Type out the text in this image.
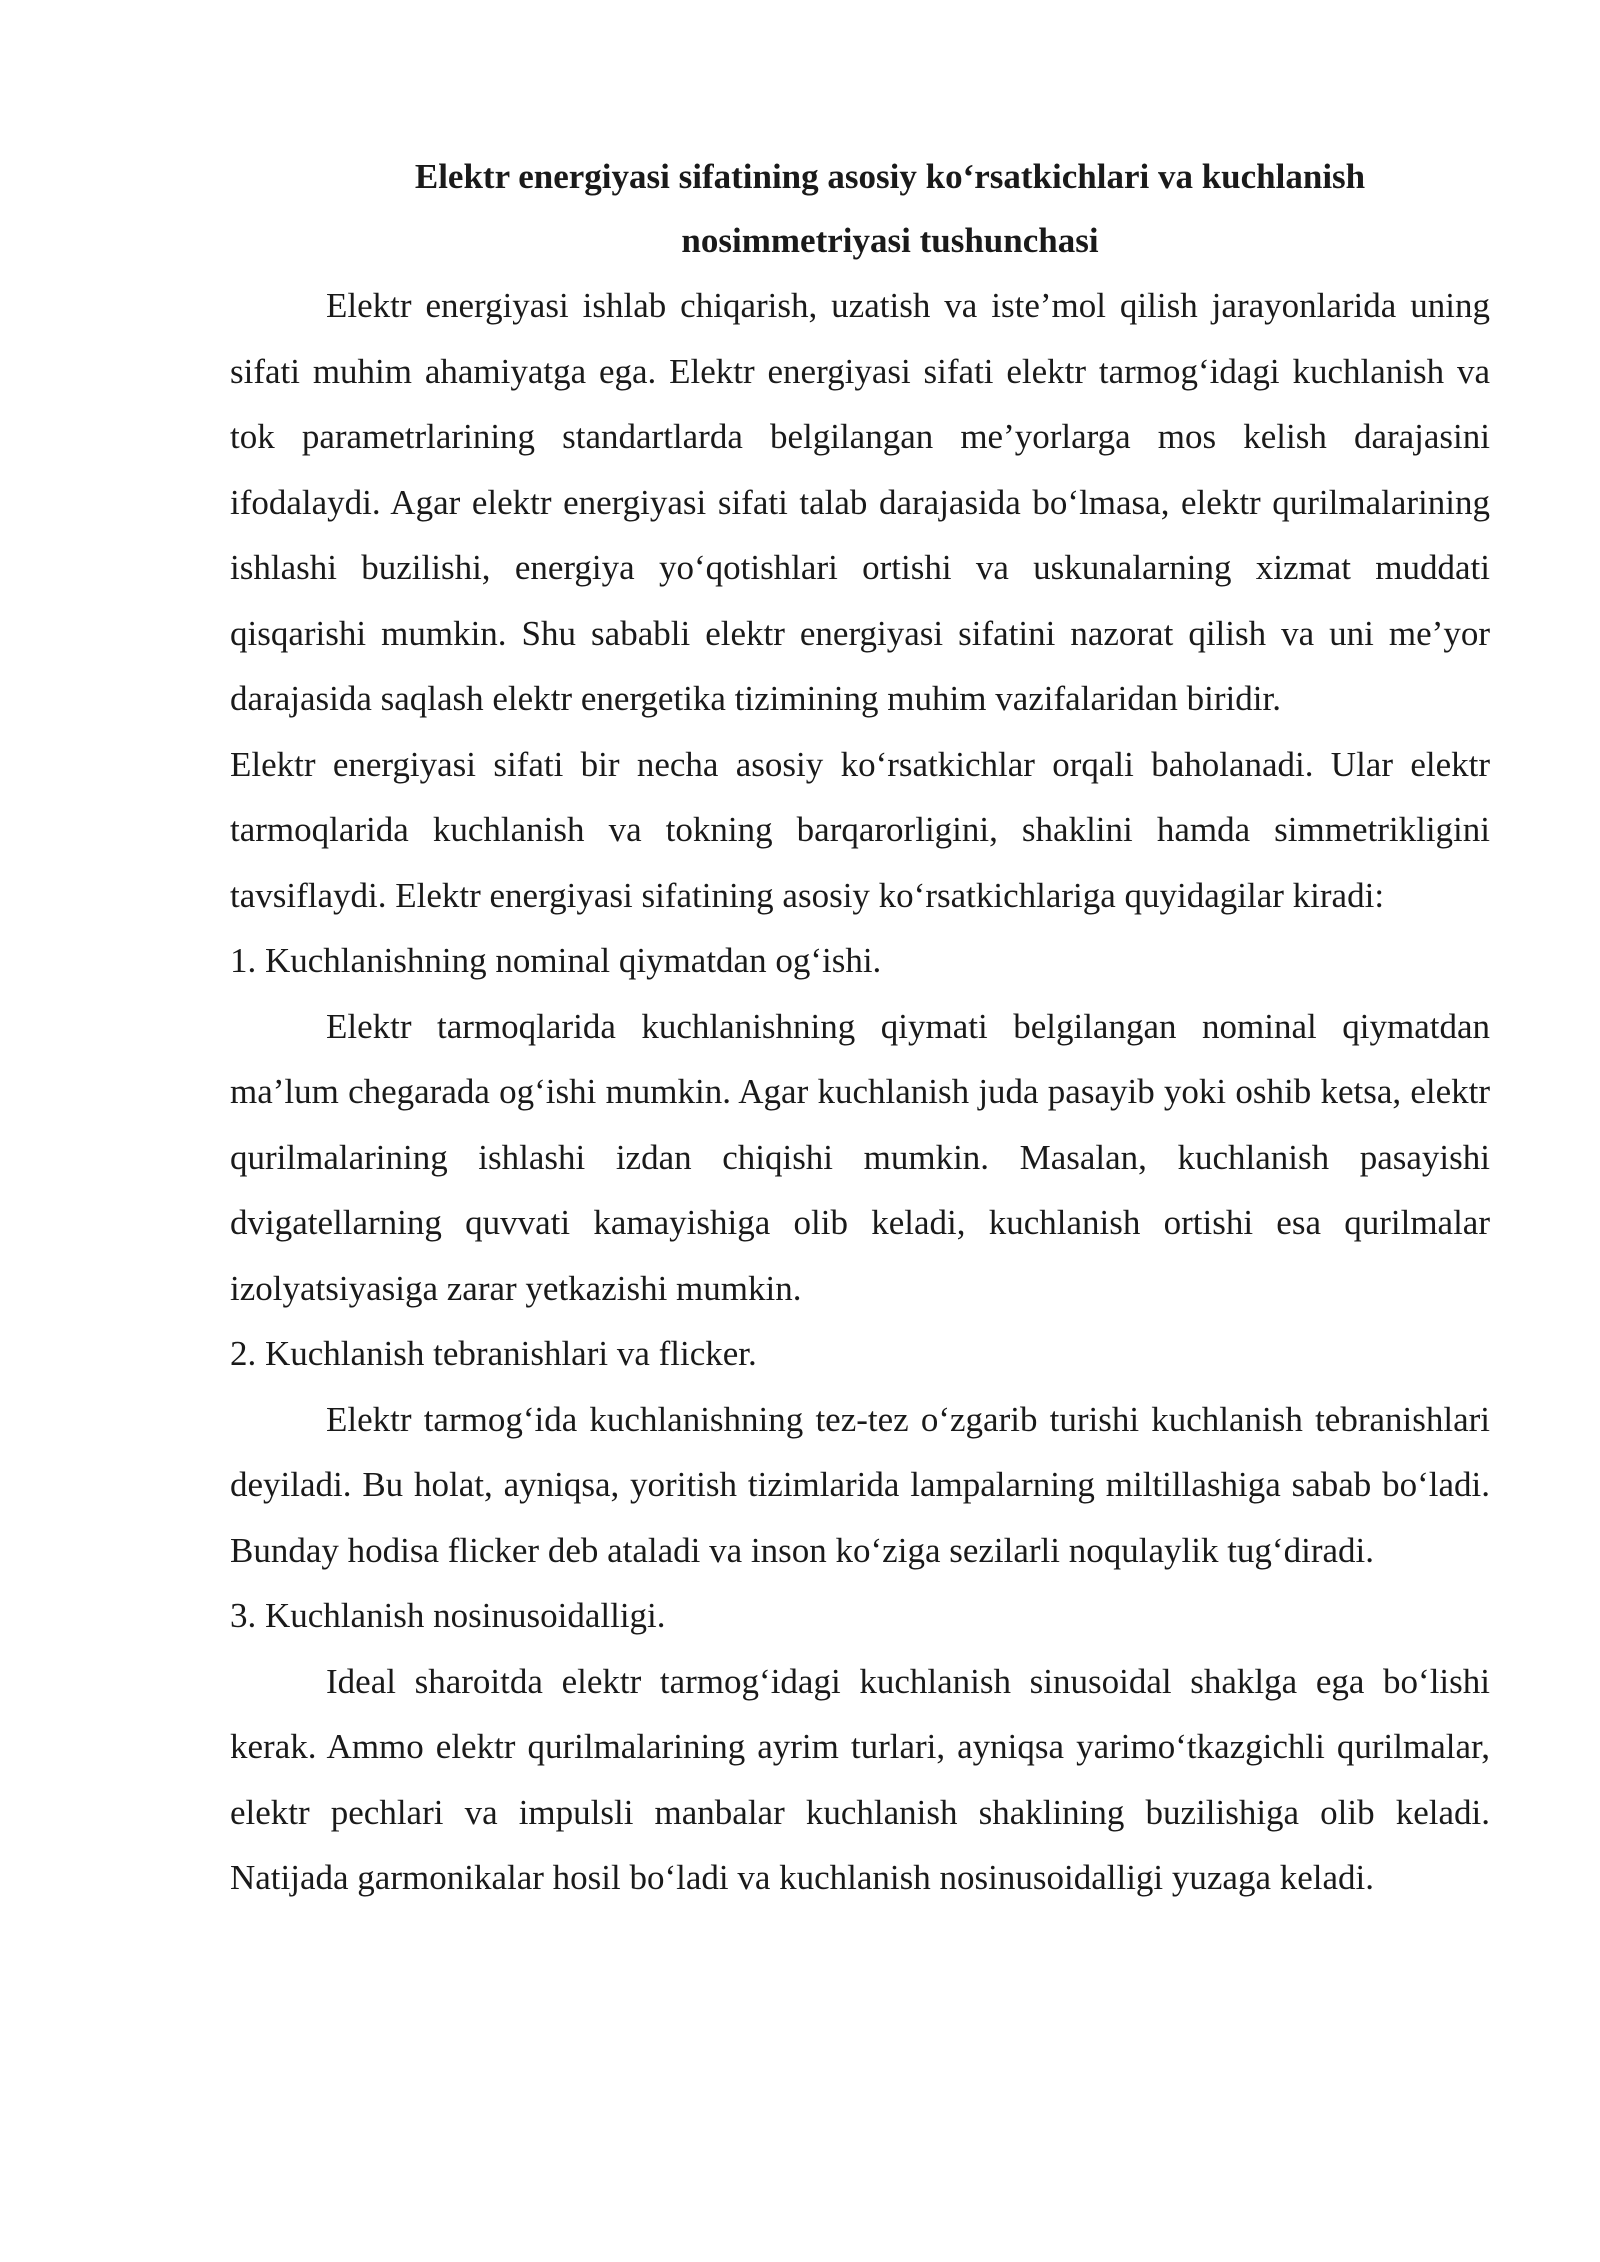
Elektr energiyasi sifatining asosiy ko‘rsatkichlari va kuchlanish

nosimmetriyasi tushunchasi

Elektr energiyasi ishlab chiqarish, uzatish va iste’mol qilish jarayonlarida uning sifati muhim ahamiyatga ega. Elektr energiyasi sifati elektr tarmog‘idagi kuchlanish va tok parametrlarining standartlarda belgilangan me’yorlarga mos kelish darajasini ifodalaydi. Agar elektr energiyasi sifati talab darajasida bo‘lmasa, elektr qurilmalarining ishlashi buzilishi, energiya yo‘qotishlari ortishi va uskunalarning xizmat muddati qisqarishi mumkin. Shu sababli elektr energiyasi sifatini nazorat qilish va uni me’yor darajasida saqlash elektr energetika tizimining muhim vazifalaridan biridir.

Elektr energiyasi sifati bir necha asosiy ko‘rsatkichlar orqali baholanadi. Ular elektr tarmoqlarida kuchlanish va tokning barqarorligini, shaklini hamda simmetrikligini tavsiflaydi. Elektr energiyasi sifatining asosiy ko‘rsatkichlariga quyidagilar kiradi:

1. Kuchlanishning nominal qiymatdan og‘ishi.

Elektr tarmoqlarida kuchlanishning qiymati belgilangan nominal qiymatdan ma’lum chegarada og‘ishi mumkin. Agar kuchlanish juda pasayib yoki oshib ketsa, elektr qurilmalarining ishlashi izdan chiqishi mumkin. Masalan, kuchlanish pasayishi dvigatellarning quvvati kamayishiga olib keladi, kuchlanish ortishi esa qurilmalar izolyatsiyasiga zarar yetkazishi mumkin.

2. Kuchlanish tebranishlari va flicker.

Elektr tarmog‘ida kuchlanishning tez-tez o‘zgarib turishi kuchlanish tebranishlari deyiladi. Bu holat, ayniqsa, yoritish tizimlarida lampalarning miltillashiga sabab bo‘ladi. Bunday hodisa flicker deb ataladi va inson ko‘ziga sezilarli noqulaylik tug‘diradi.

3. Kuchlanish nosinusoidalligi.

Ideal sharoitda elektr tarmog‘idagi kuchlanish sinusoidal shaklga ega bo‘lishi kerak. Ammo elektr qurilmalarining ayrim turlari, ayniqsa yarimo‘tkazgichli qurilmalar, elektr pechlari va impulsli manbalar kuchlanish shaklining buzilishiga olib keladi. Natijada garmonikalar hosil bo‘ladi va kuchlanish nosinusoidalligi yuzaga keladi.
